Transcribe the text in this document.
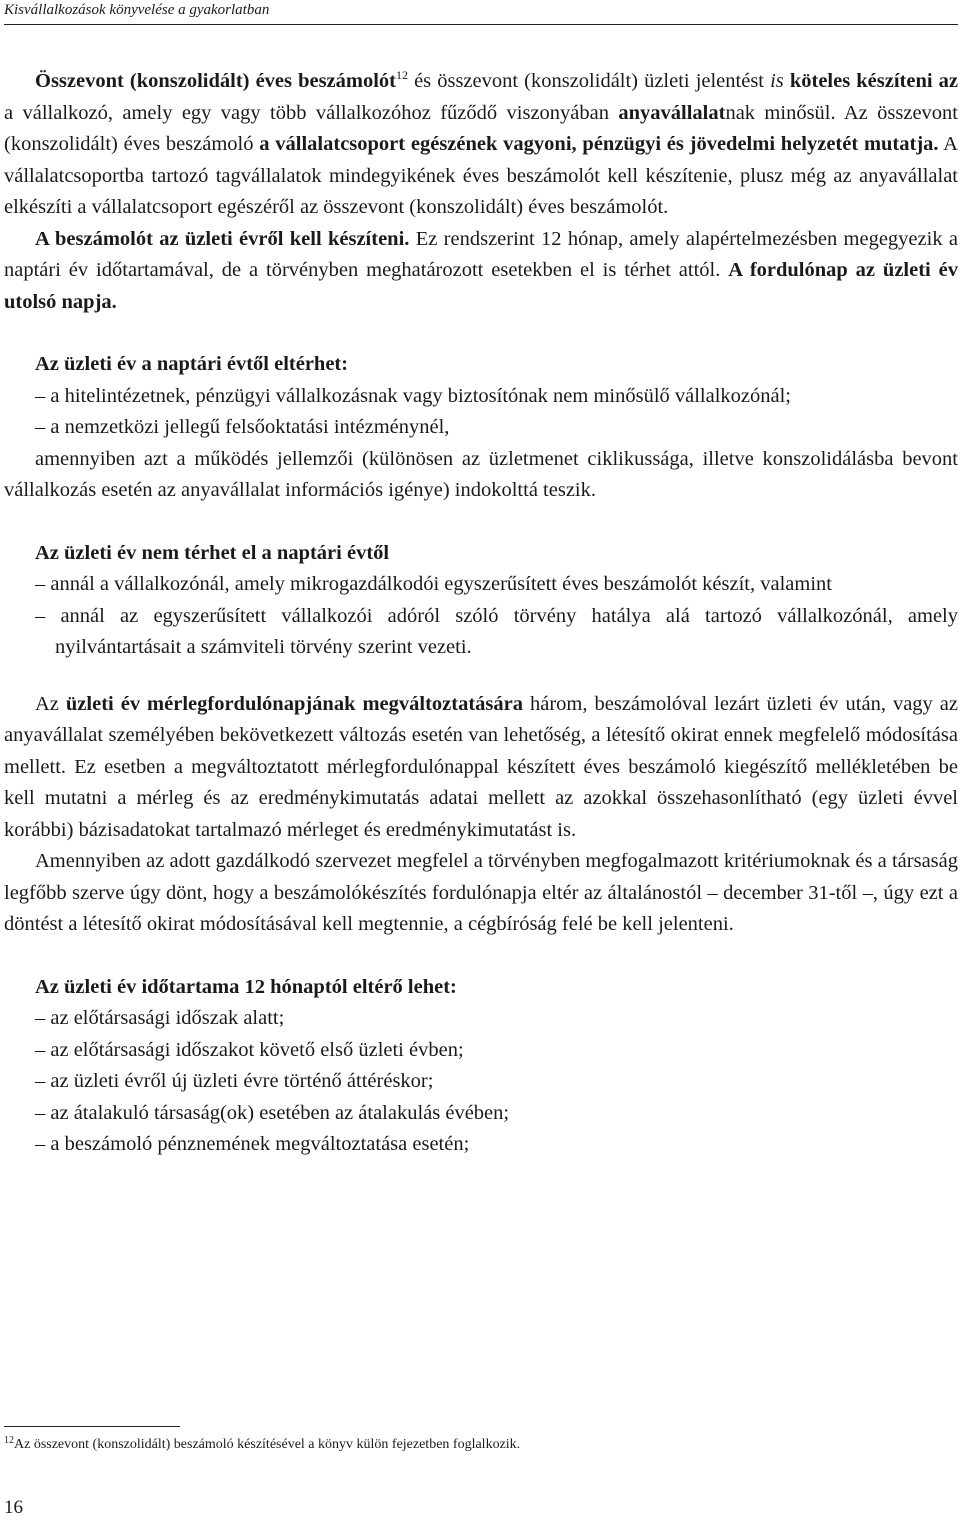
Kisvállalkozások könyvelése a gyakorlatban

Összevont (konszolidált) éves beszámolót$^{12}$ és összevont (konszolidált) üzleti jelentést is köteles készíteni az a vállalkozó, amely egy vagy több vállalkozóhoz fűződő viszonyában anyavállalatnak minősül. Az összevont (konszolidált) éves beszámoló a vállalatcsoport egészének vagyoni, pénzügyi és jövedelmi helyzetét mutatja. A vállalatcsoportba tartozó tagvállalatok mindegyikének éves beszámolót kell készítenie, plusz még az anyavállalat elkészíti a vállalatcsoport egészéről az összevont (konszolidált) éves beszámolót.

A beszámolót az üzleti évről kell készíteni. Ez rendszerint 12 hónap, amely alapértelmezésben megegyezik a naptári év időtartamával, de a törvényben meghatározott esetekben el is térhet attól. A fordulónap az üzleti év utolsó napja.

Az üzleti év a naptári évtől eltérhet:

– a hitelintézetnek, pénzügyi vállalkozásnak vagy biztosítónak nem minősülő vállalkozónál;

– a nemzetközi jellegű felsőoktatási intézménynél,

amennyiben azt a működés jellemzői (különösen az üzletmenet ciklikussága, illetve konszolidálásba bevont vállalkozás esetén az anyavállalat információs igénye) indokolttá teszik.

Az üzleti év nem térhet el a naptári évtől

– annál a vállalkozónál, amely mikrogazdálkodói egyszerűsített éves beszámolót készít, valamint

– annál az egyszerűsített vállalkozói adóról szóló törvény hatálya alá tartozó vállalkozónál, amely nyilvántartásait a számviteli törvény szerint vezeti.

Az üzleti év mérlegfordulónapjának megváltoztatására három, beszámolóval lezárt üzleti év után, vagy az anyavállalat személyében bekövetkezett változás esetén van lehetőség, a létesítő okirat ennek megfelelő módosítása mellett. Ez esetben a megváltoztatott mérlegfordulónappal készített éves beszámoló kiegészítő mellékletében be kell mutatni a mérleg és az eredménykimutatás adatai mellett az azokkal összehasonlítható (egy üzleti évvel korábbi) bázisadatokat tartalmazó mérleget és eredménykimutatást is.

Amennyiben az adott gazdálkodó szervezet megfelel a törvényben megfogalmazott kritériumoknak és a társaság legfőbb szerve úgy dönt, hogy a beszámolókészítés fordulónapja eltér az általánostól – december 31-től –, úgy ezt a döntést a létesítő okirat módosításával kell megtennie, a cégbíróság felé be kell jelenteni.

Az üzleti év időtartama 12 hónaptól eltérő lehet:

– az előtársasági időszak alatt;

– az előtársasági időszakot követő első üzleti évben;

– az üzleti évről új üzleti évre történő áttéréskor;

– az átalakuló társaság(ok) esetében az átalakulás évében;

– a beszámoló pénznemének megváltoztatása esetén;

$^{12}$Az összevont (konszolidált) beszámoló készítésével a könyv külön fejezetben foglalkozik.
16
